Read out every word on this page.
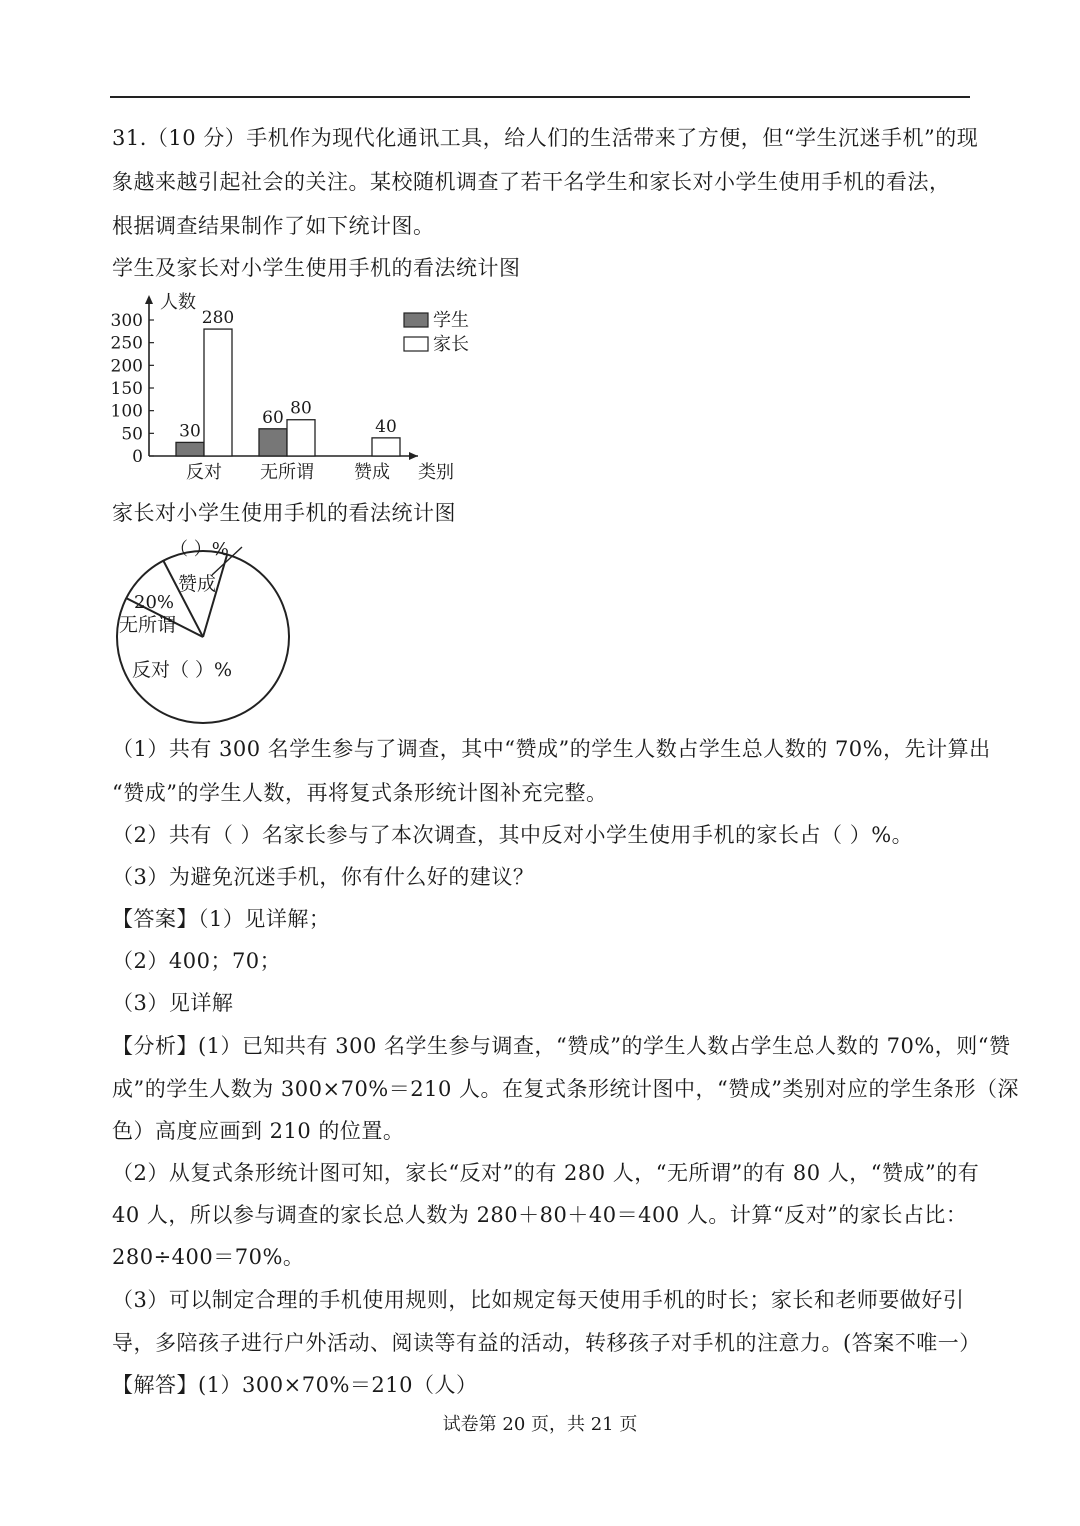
31.（10 分）手机作为现代化通讯工具，给人们的生活带来了方便，但“学生沉迷手机”的现
象越来越引起社会的关注。某校随机调查了若干名学生和家长对小学生使用手机的看法，
根据调查结果制作了如下统计图。
学生及家长对小学生使用手机的看法统计图
0
50
100
150
200
250
300
30
280
反对
60 80
无所谓
40
赞成
人数
类别
学生
家长
家长对小学生使用手机的看法统计图
（ ）%
赞成
20%
无所谓
反对（ ）%
（1）共有 300 名学生参与了调查，其中“赞成”的学生人数占学生总人数的 70%，先计算出
“赞成”的学生人数，再将复式条形统计图补充完整。
（2）共有（ ）名家长参与了本次调查，其中反对小学生使用手机的家长占（ ）%。
（3）为避免沉迷手机，你有什么好的建议？
【答案】（1）见详解；
（2）400；70；
（3）见详解
【分析】(1）已知共有 300 名学生参与调查，“赞成”的学生人数占学生总人数的 70%，则“赞
成”的学生人数为 300×70%＝210 人。在复式条形统计图中，“赞成”类别对应的学生条形（深
色）高度应画到 210 的位置。
（2）从复式条形统计图可知，家长“反对”的有 280 人，“无所谓”的有 80 人，“赞成”的有
40 人，所以参与调查的家长总人数为 280＋80＋40＝400 人。计算“反对”的家长占比：
280÷400＝70%。
（3）可以制定合理的手机使用规则，比如规定每天使用手机的时长；家长和老师要做好引
导，多陪孩子进行户外活动、阅读等有益的活动，转移孩子对手机的注意力。(答案不唯一）
【解答】(1）300×70%＝210（人）
试卷第 20 页，共 21 页
